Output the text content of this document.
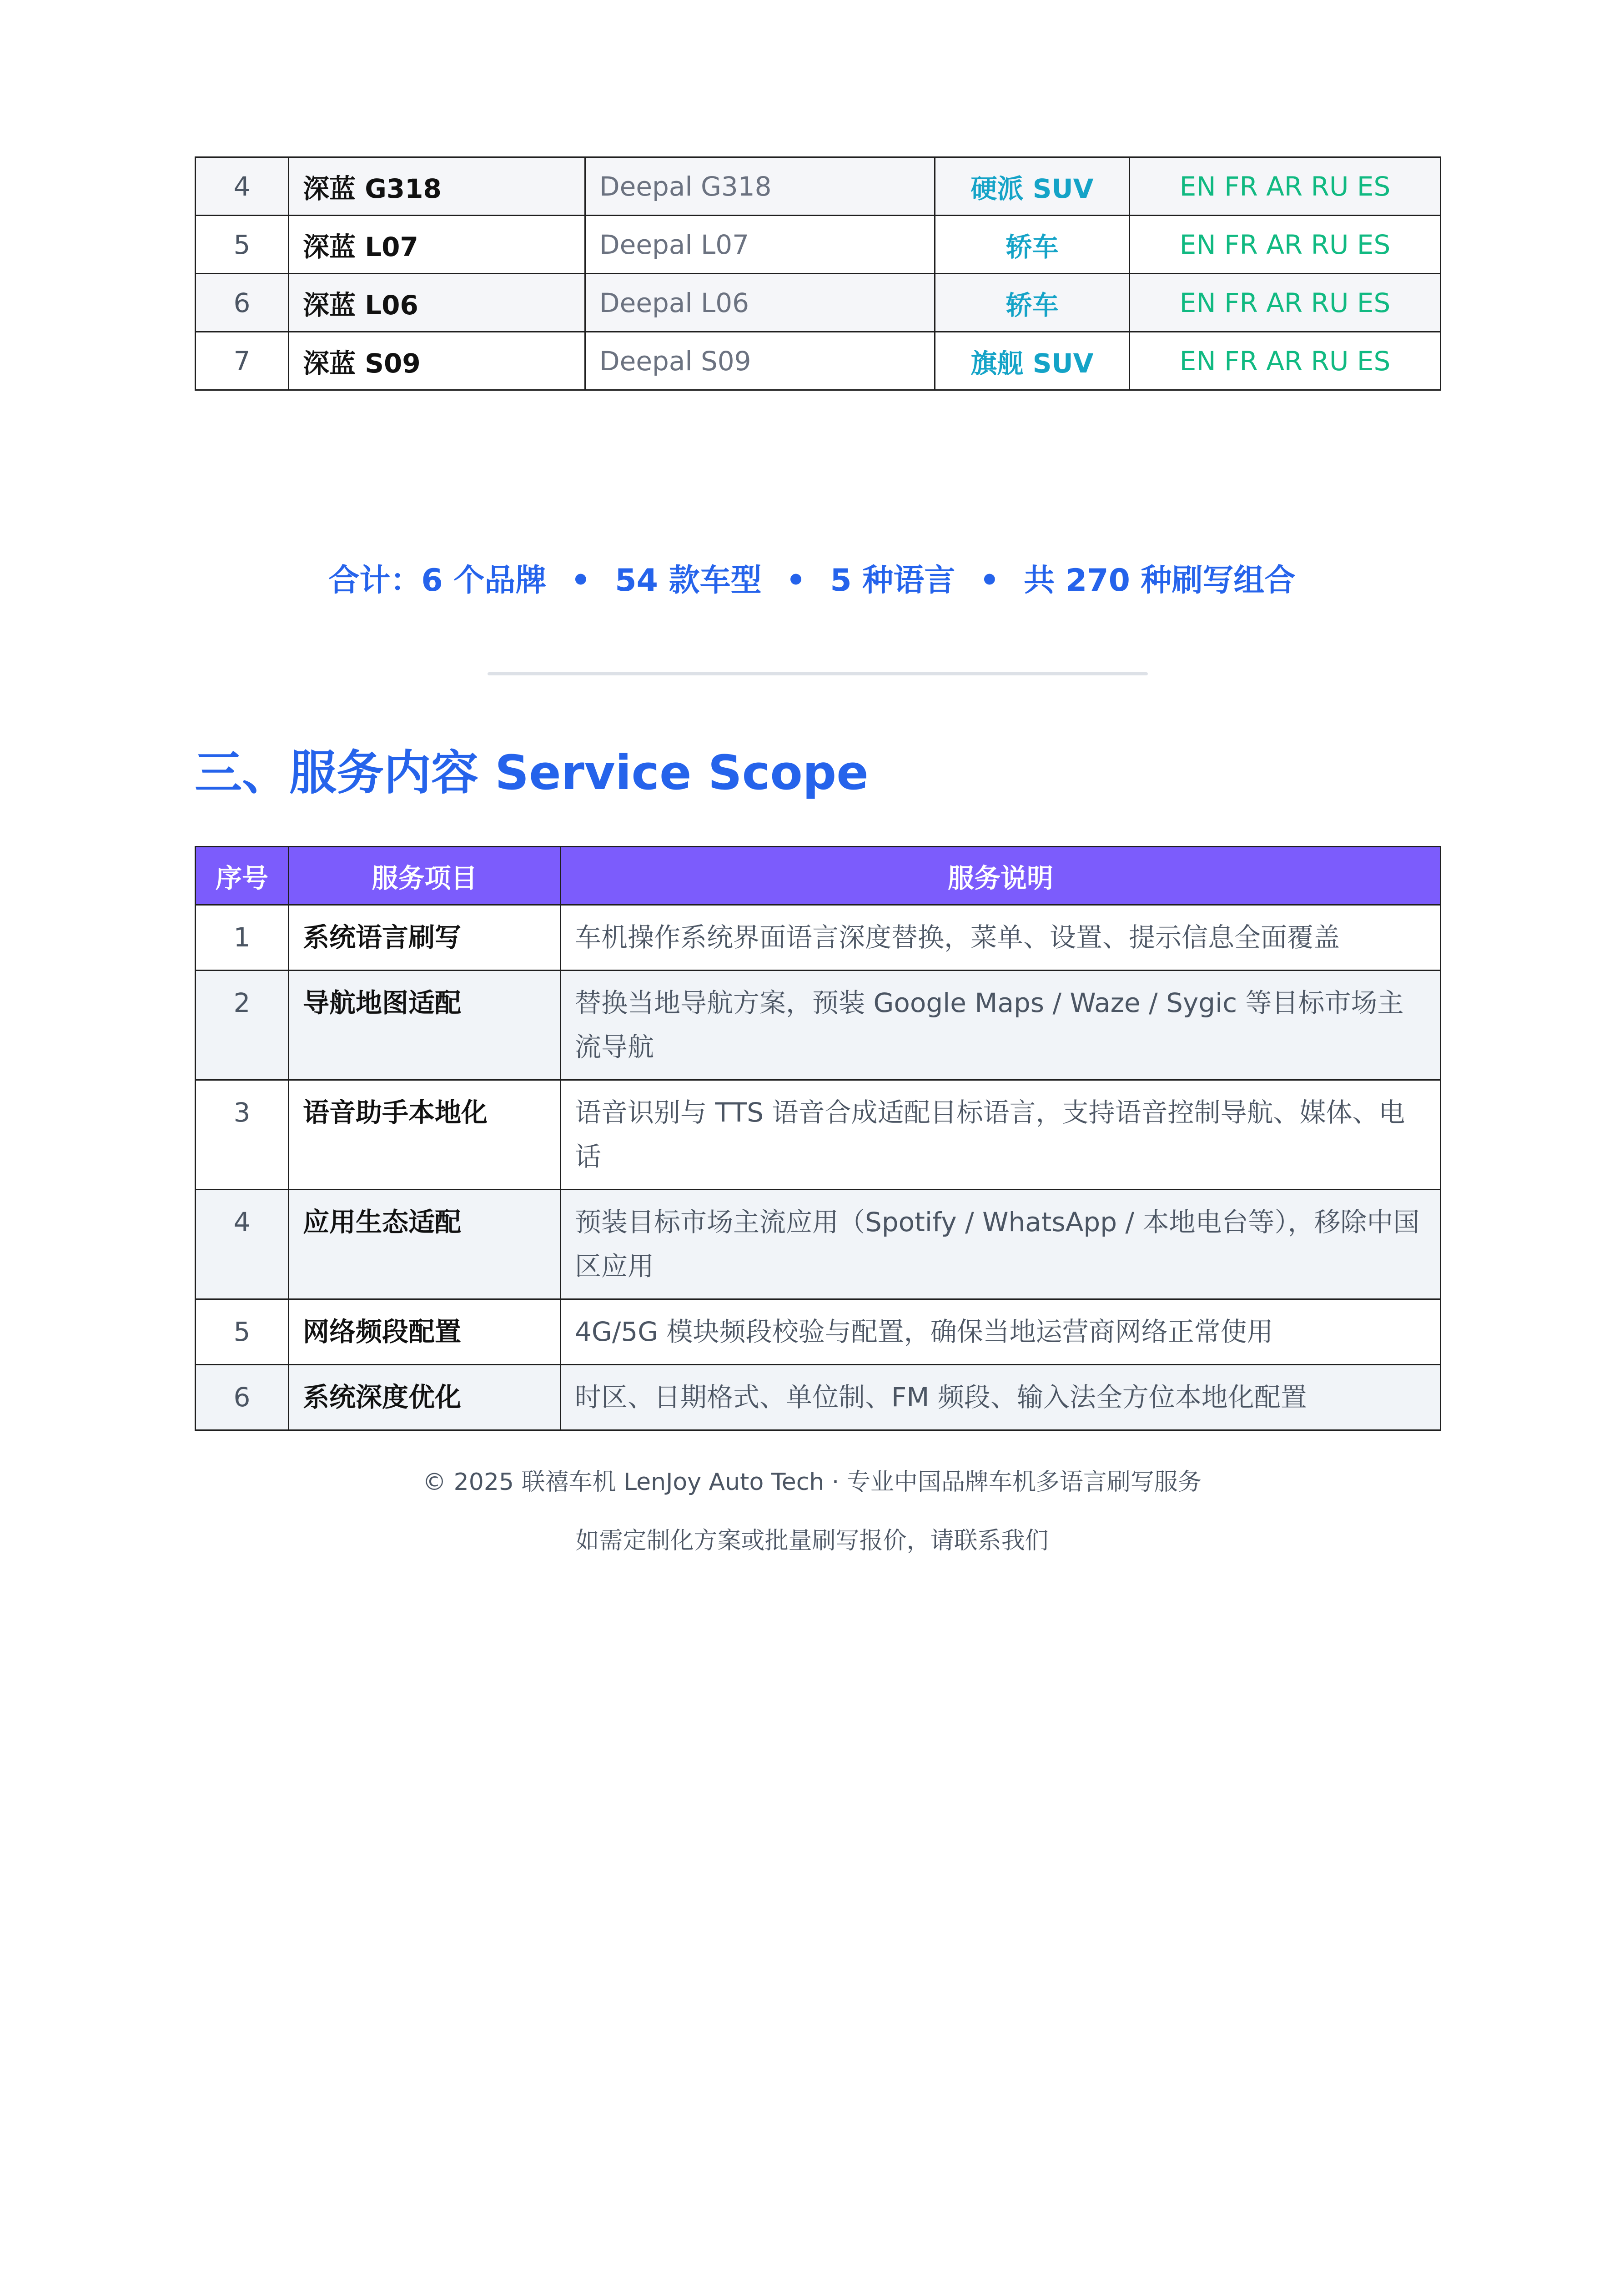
4	深蓝 G318	Deepal G318	硬派 SUV	EN FR AR RU ES
5	深蓝 L07	Deepal L07	轿车	EN FR AR RU ES
6	深蓝 L06	Deepal L06	轿车	EN FR AR RU ES
7	深蓝 S09	Deepal S09	旗舰 SUV	EN FR AR RU ES
合计：6 个品牌 • 54 款车型 • 5 种语言 • 共 270 种刷写组合
三、服务内容 Service Scope
序号	服务项目	服务说明
1	系统语言刷写	车机操作系统界面语言深度替换，菜单、设置、提示信息全面覆盖
2	导航地图适配	替换当地导航方案，预装 Google Maps / Waze / Sygic 等目标市场主流导航
3	语音助手本地化	语音识别与 TTS 语音合成适配目标语言，支持语音控制导航、媒体、电话
4	应用生态适配	预装目标市场主流应用（Spotify / WhatsApp / 本地电台等），移除中国区应用
5	网络频段配置	4G/5G 模块频段校验与配置，确保当地运营商网络正常使用
6	系统深度优化	时区、日期格式、单位制、FM 频段、输入法全方位本地化配置
© 2025 联禧车机 LenJoy Auto Tech · 专业中国品牌车机多语言刷写服务
如需定制化方案或批量刷写报价，请联系我们
